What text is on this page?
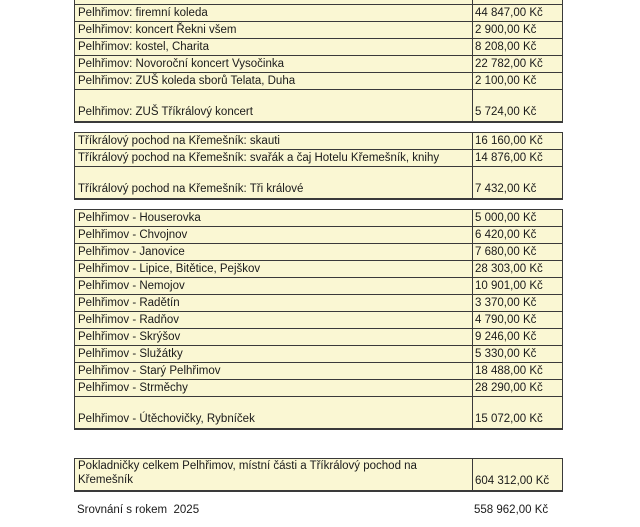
Pokladničky celkem Pelhřimov, místní části a Tříkrálový pochod na Křemešník	604 312,00 Kč
Pelhřimov - Houserovka	5 000,00 Kč
Pelhřimov - Chvojnov	6 420,00 Kč
Pelhřimov - Janovice	7 680,00 Kč
Pelhřimov - Lipice, Bitětice, Pejškov	28 303,00 Kč
Pelhřimov - Nemojov	10 901,00 Kč
Pelhřimov - Radětín	3 370,00 Kč
Pelhřimov - Radňov	4 790,00 Kč
Pelhřimov - Skrýšov	9 246,00 Kč
Pelhřimov - Služátky	5 330,00 Kč
Pelhřimov - Starý Pelhřimov	18 488,00 Kč
Pelhřimov - Strměchy	28 290,00 Kč
Pelhřimov - Útěchovičky, Rybníček	15 072,00 Kč
Tříkrálový pochod na Křemešník: skauti	16 160,00 Kč
Tříkrálový pochod na Křemešník: svařák a čaj Hotelu Křemešník, knihy	14 876,00 Kč
Tříkrálový pochod na Křemešník: Tři králové	7 432,00 Kč
Pelhřimov: firemní koleda	44 847,00 Kč
Pelhřimov: koncert Řekni všem	2 900,00 Kč
Pelhřimov: kostel, Charita	8 208,00 Kč
Pelhřimov: Novoroční koncert Vysočinka	22 782,00 Kč
Pelhřimov: ZUŠ koleda sborů Telata, Duha	2 100,00 Kč
Pelhřimov: ZUŠ Tříkrálový koncert	5 724,00 Kč
Srovnání s rokem  2025	558 962,00 Kč
